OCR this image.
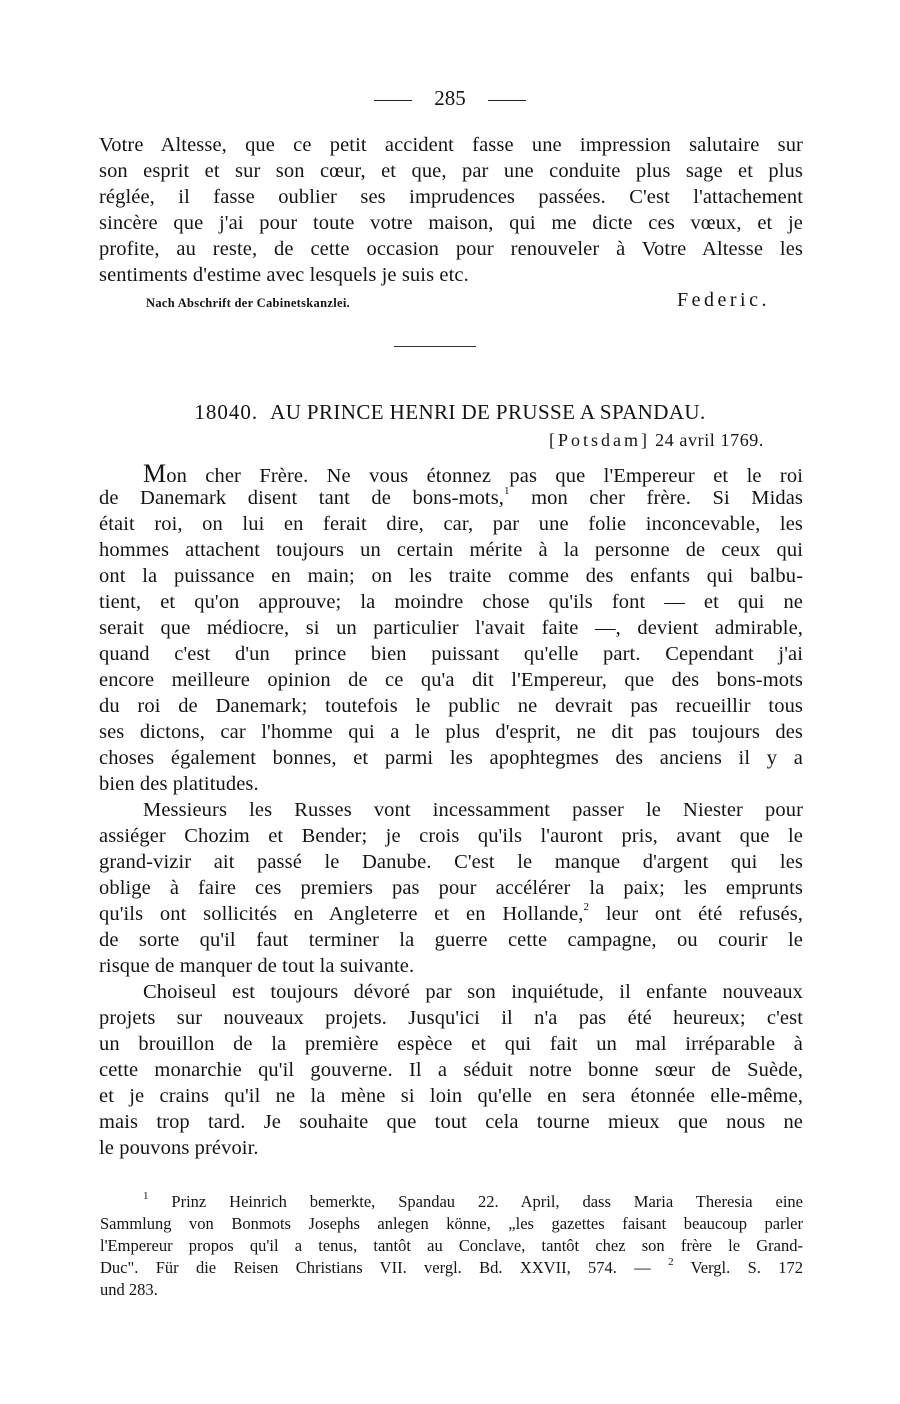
285
Votre Altesse, que ce petit accident fasse une impression salutaire sur
son esprit et sur son cœur, et que, par une conduite plus sage et plus
réglée, il fasse oublier ses imprudences passées. C'est l'attachement
sincère que j'ai pour toute votre maison, qui me dicte ces vœux, et je
profite, au reste, de cette occasion pour renouveler à Votre Altesse les
sentiments d'estime avec lesquels je suis etc.
Nach Abschrift der Cabinetskanzlei.	Federic.
18040. AU PRINCE HENRI DE PRUSSE A SPANDAU.
[Potsdam] 24 avril 1769.
Mon cher Frère. Ne vous étonnez pas que l'Empereur et le roi
de Danemark disent tant de bons-mots,$^1$ mon cher frère. Si Midas
était roi, on lui en ferait dire, car, par une folie inconcevable, les
hommes attachent toujours un certain mérite à la personne de ceux qui
ont la puissance en main; on les traite comme des enfants qui balbu-
tient, et qu'on approuve; la moindre chose qu'ils font — et qui ne
serait que médiocre, si un particulier l'avait faite —, devient admirable,
quand c'est d'un prince bien puissant qu'elle part. Cependant j'ai
encore meilleure opinion de ce qu'a dit l'Empereur, que des bons-mots
du roi de Danemark; toutefois le public ne devrait pas recueillir tous
ses dictons, car l'homme qui a le plus d'esprit, ne dit pas toujours des
choses également bonnes, et parmi les apophtegmes des anciens il y a
bien des platitudes.
Messieurs les Russes vont incessamment passer le Niester pour
assiéger Chozim et Bender; je crois qu'ils l'auront pris, avant que le
grand-vizir ait passé le Danube. C'est le manque d'argent qui les
oblige à faire ces premiers pas pour accélérer la paix; les emprunts
qu'ils ont sollicités en Angleterre et en Hollande,$^2$ leur ont été refusés,
de sorte qu'il faut terminer la guerre cette campagne, ou courir le
risque de manquer de tout la suivante.
Choiseul est toujours dévoré par son inquiétude, il enfante nouveaux
projets sur nouveaux projets. Jusqu'ici il n'a pas été heureux; c'est
un brouillon de la première espèce et qui fait un mal irréparable à
cette monarchie qu'il gouverne. Il a séduit notre bonne sœur de Suède,
et je crains qu'il ne la mène si loin qu'elle en sera étonnée elle-même,
mais trop tard. Je souhaite que tout cela tourne mieux que nous ne
le pouvons prévoir.
$^1$ Prinz Heinrich bemerkte, Spandau 22. April, dass Maria Theresia eine
Sammlung von Bonmots Josephs anlegen könne, „les gazettes faisant beaucoup parler
l'Empereur propos qu'il a tenus, tantôt au Conclave, tantôt chez son frère le Grand-
Duc". Für die Reisen Christians VII. vergl. Bd. XXVII, 574. — $^2$ Vergl. S. 172
und 283.
